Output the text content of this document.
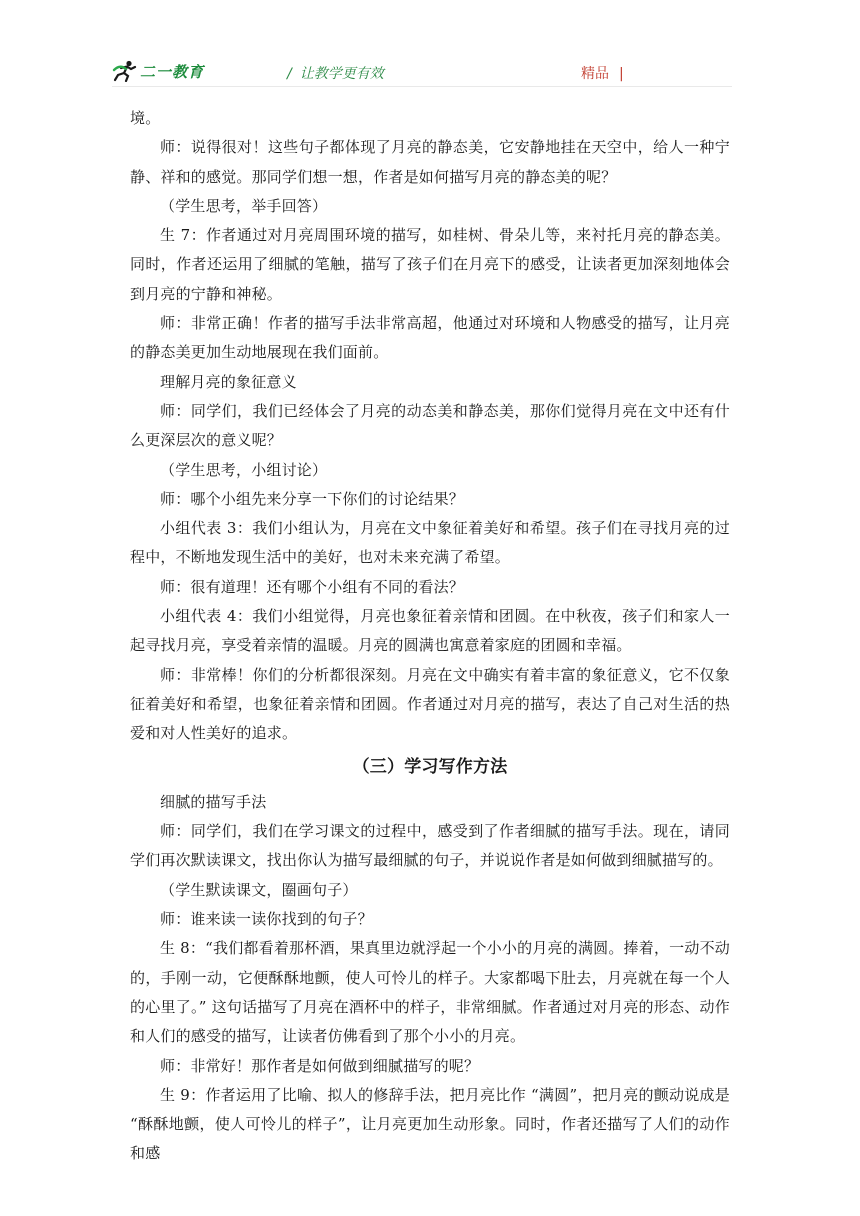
二一教育	/ 让教学更有效	精品 |

境。

师：说得很对！这些句子都体现了月亮的静态美，它安静地挂在天空中，给人一种宁静、祥和的感觉。那同学们想一想，作者是如何描写月亮的静态美的呢？

（学生思考，举手回答）

生 7：作者通过对月亮周围环境的描写，如桂树、骨朵儿等，来衬托月亮的静态美。同时，作者还运用了细腻的笔触，描写了孩子们在月亮下的感受，让读者更加深刻地体会到月亮的宁静和神秘。

师：非常正确！作者的描写手法非常高超，他通过对环境和人物感受的描写，让月亮的静态美更加生动地展现在我们面前。

理解月亮的象征意义

师：同学们，我们已经体会了月亮的动态美和静态美，那你们觉得月亮在文中还有什么更深层次的意义呢？

（学生思考，小组讨论）

师：哪个小组先来分享一下你们的讨论结果？

小组代表 3：我们小组认为，月亮在文中象征着美好和希望。孩子们在寻找月亮的过程中，不断地发现生活中的美好，也对未来充满了希望。

师：很有道理！还有哪个小组有不同的看法？

小组代表 4：我们小组觉得，月亮也象征着亲情和团圆。在中秋夜，孩子们和家人一起寻找月亮，享受着亲情的温暖。月亮的圆满也寓意着家庭的团圆和幸福。

师：非常棒！你们的分析都很深刻。月亮在文中确实有着丰富的象征意义，它不仅象征着美好和希望，也象征着亲情和团圆。作者通过对月亮的描写，表达了自己对生活的热爱和对人性美好的追求。

（三）学习写作方法

细腻的描写手法

师：同学们，我们在学习课文的过程中，感受到了作者细腻的描写手法。现在，请同学们再次默读课文，找出你认为描写最细腻的句子，并说说作者是如何做到细腻描写的。

（学生默读课文，圈画句子）

师：谁来读一读你找到的句子？

生 8：“我们都看着那杯酒，果真里边就浮起一个小小的月亮的满圆。捧着，一动不动的，手刚一动，它便酥酥地颤，使人可怜儿的样子。大家都喝下肚去，月亮就在每一个人的心里了。” 这句话描写了月亮在酒杯中的样子，非常细腻。作者通过对月亮的形态、动作和人们的感受的描写，让读者仿佛看到了那个小小的月亮。

师：非常好！那作者是如何做到细腻描写的呢？

生 9：作者运用了比喻、拟人的修辞手法，把月亮比作 “满圆”，把月亮的颤动说成是 “酥酥地颤，使人可怜儿的样子”，让月亮更加生动形象。同时，作者还描写了人们的动作和感
